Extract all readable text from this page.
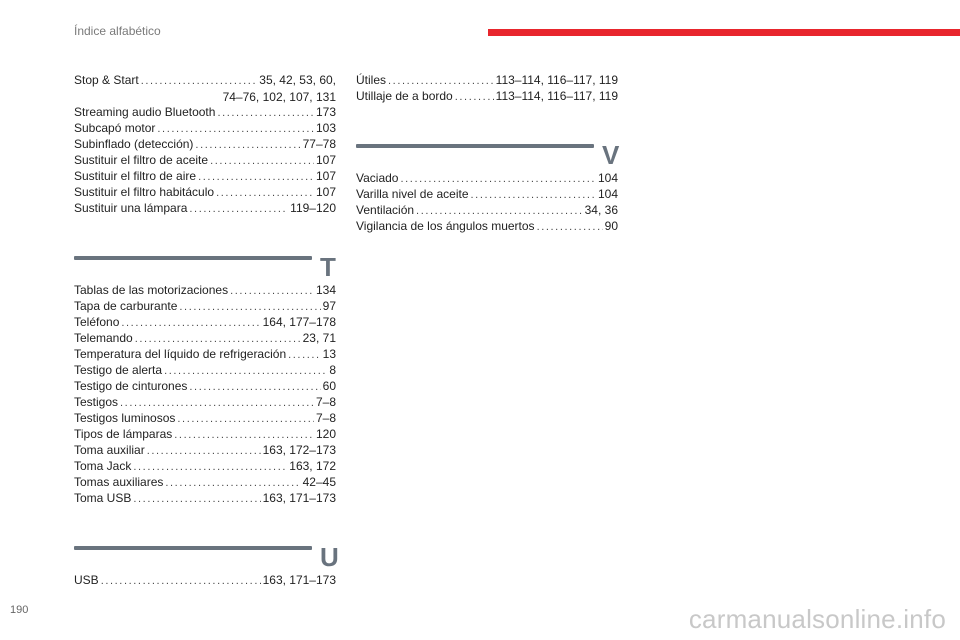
Índice alfabético
Stop & Start .....	35, 42, 53, 60,
74–76, 102, 107, 131
Streaming audio Bluetooth .....	173
Subcapó motor .....	103
Subinflado (detección) .....	77–78
Sustituir el filtro de aceite .....	107
Sustituir el filtro de aire .....	107
Sustituir el filtro habitáculo .....	107
Sustituir una lámpara .....	119–120
T
Tablas de las motorizaciones .....	134
Tapa de carburante .....	97
Teléfono .....	164, 177–178
Telemando .....	23, 71
Temperatura del líquido de refrigeración .....	13
Testigo de alerta .....	8
Testigo de cinturones .....	60
Testigos .....	7–8
Testigos luminosos .....	7–8
Tipos de lámparas .....	120
Toma auxiliar .....	163, 172–173
Toma Jack .....	163, 172
Tomas auxiliares .....	42–45
Toma USB .....	163, 171–173
U
USB .....	163, 171–173
Útiles .....	113–114, 116–117, 119
Utillaje de a bordo .....	113–114, 116–117, 119
V
Vaciado .....	104
Varilla nivel de aceite .....	104
Ventilación .....	34, 36
Vigilancia de los ángulos muertos .....	90
190	carmanualsonline.info
